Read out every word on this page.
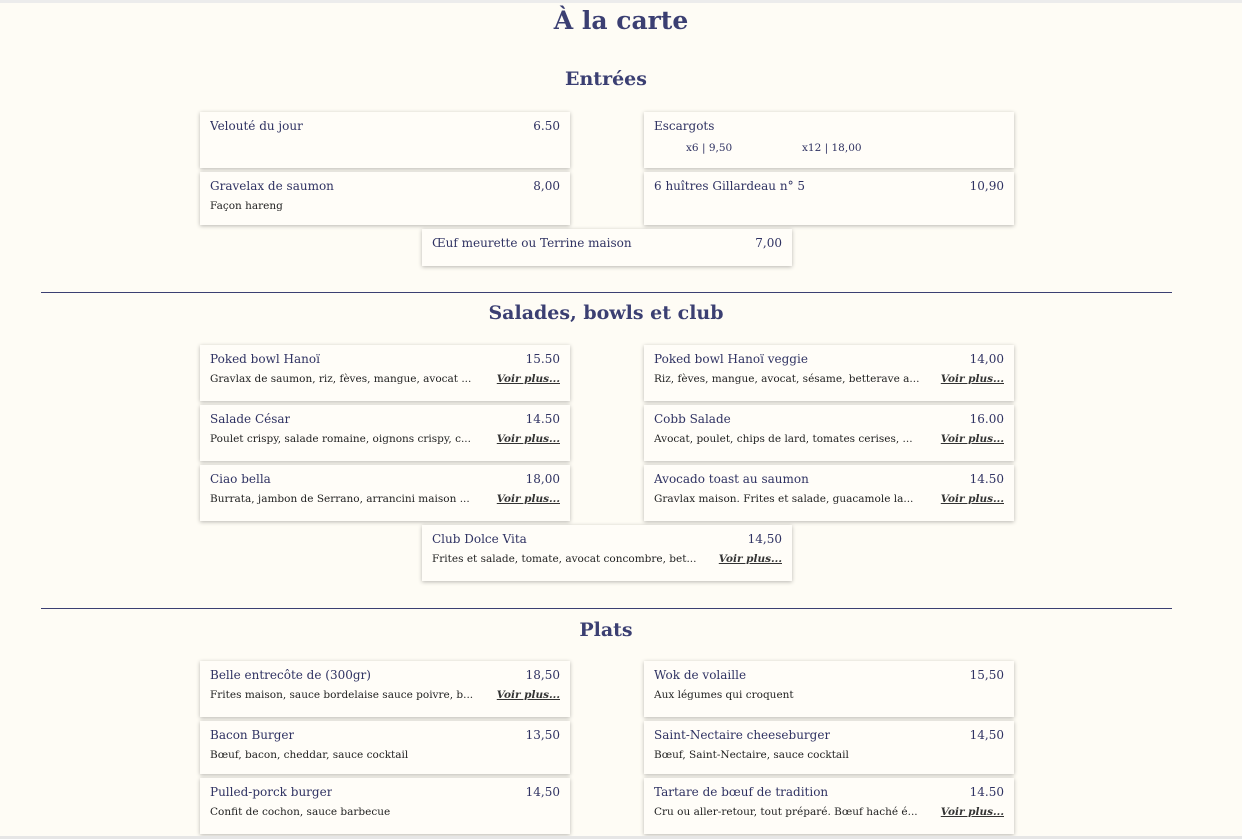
À la carte
Entrées
Velouté du jour	6.50	Escargots
x6 | 9,50	x12 | 18,00
Gravelax de saumon	8,00
Façon hareng
6 huîtres Gillardeau n° 5	10,90
Œuf meurette ou Terrine maison	7,00
Salades, bowls et club
Poked bowl Hanoï	15.50
Gravlax de saumon, riz, fèves, mangue, avocat ... Voir plus...
Poked bowl Hanoï veggie	14,00
Riz, fèves, mangue, avocat, sésame, betterave a... Voir plus...
Salade César	14.50
Poulet crispy, salade romaine, oignons crispy, c... Voir plus...
Cobb Salade	16.00
Avocat, poulet, chips de lard, tomates cerises, ...	Voir plus...
Ciao bella	18,00
Burrata, jambon de Serrano, arrancini maison ...	Voir plus...
Avocado toast au saumon	14.50
Gravlax maison. Frites et salade, guacamole la...	Voir plus...
Club Dolce Vita	14,50
Frites et salade, tomate, avocat concombre, bet... Voir plus...
Plats
Belle entrecôte de (300gr)	18,50
Frites maison, sauce bordelaise sauce poivre, b... Voir plus...
Wok de volaille	15,50
Aux légumes qui croquent
Bacon Burger	13,50
Bœuf, bacon, cheddar, sauce cocktail
Saint-Nectaire cheeseburger	14,50
Bœuf, Saint-Nectaire, sauce cocktail
Pulled-porck burger	14,50
Confit de cochon, sauce barbecue
Tartare de bœuf de tradition	14.50
Cru ou aller-retour, tout préparé. Bœuf haché é... Voir plus...
